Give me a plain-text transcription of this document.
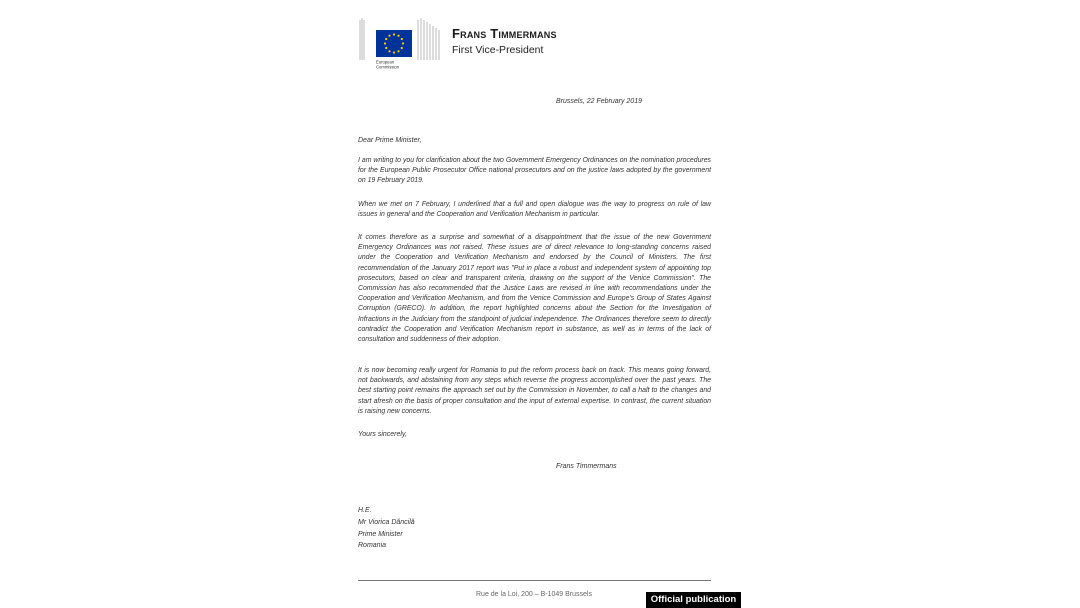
European
Commission
Frans Timmermans
First Vice-President
Brussels, 22 February 2019
Dear Prime Minister,

I am writing to you for clarification about the two Government Emergency Ordinances on the nomination procedures for the European Public Prosecutor Office national prosecutors and on the justice laws adopted by the government on 19 February 2019.

When we met on 7 February, I underlined that a full and open dialogue was the way to progress on rule of law issues in general and the Cooperation and Verification Mechanism in particular.

It comes therefore as a surprise and somewhat of a disappointment that the issue of the new Government Emergency Ordinances was not raised. These issues are of direct relevance to long-standing concerns raised under the Cooperation and Verification Mechanism and endorsed by the Council of Ministers. The first recommendation of the January 2017 report was "Put in place a robust and independent system of appointing top prosecutors, based on clear and transparent criteria, drawing on the support of the Venice Commission". The Commission has also recommended that the Justice Laws are revised in line with recommendations under the Cooperation and Verification Mechanism, and from the Venice Commission and Europe's Group of States Against Corruption (GRECO). In addition, the report highlighted concerns about the Section for the Investigation of Infractions in the Judiciary from the standpoint of judicial independence. The Ordinances therefore seem to directly contradict the Cooperation and Verification Mechanism report in substance, as well as in terms of the lack of consultation and suddenness of their adoption.

It is now becoming really urgent for Romania to put the reform process back on track. This means going forward, not backwards, and abstaining from any steps which reverse the progress accomplished over the past years. The best starting point remains the approach set out by the Commission in November, to call a halt to the changes and start afresh on the basis of proper consultation and the input of external expertise. In contrast, the current situation is raising new concerns.

Yours sincerely,
Frans Timmermans
H.E.
Mr Viorica Dăncilă
Prime Minister
Romania
Rue de la Loi, 200 – B-1049 Brussels	Official publication
